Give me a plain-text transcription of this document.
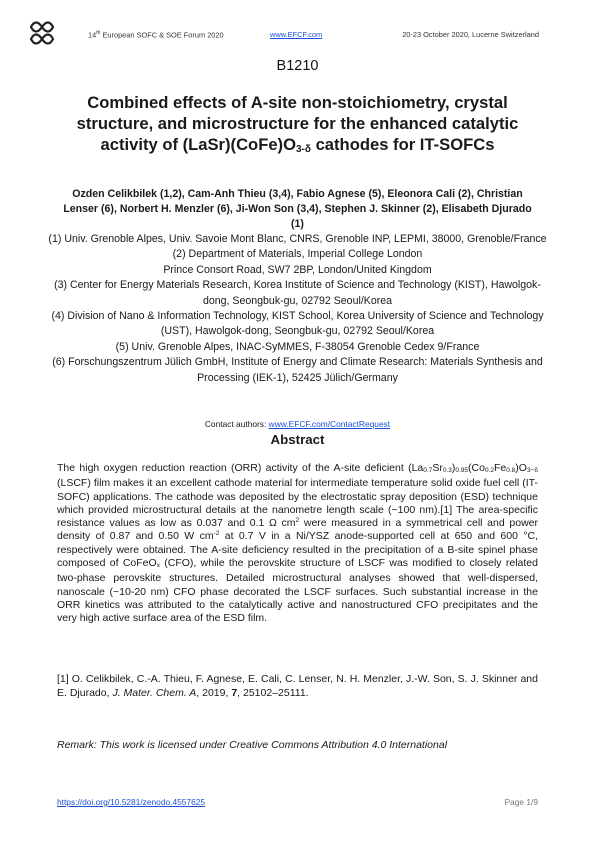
14th European SOFC & SOE Forum 2020	www.EFCF.com	20-23 October 2020, Lucerne Switzerland
B1210
Combined effects of A-site non-stoichiometry, crystal
structure, and microstructure for the enhanced catalytic
activity of $(LaSr)(CoFe)O_{3-\delta}$ cathodes for IT-SOFCs
Ozden Celikbilek (1,2), Cam-Anh Thieu (3,4), Fabio Agnese (5), Eleonora Cali (2), Christian Lenser (6), Norbert H. Menzler (6), Ji-Won Son (3,4), Stephen J. Skinner (2), Elisabeth Djurado (1)
(1) Univ. Grenoble Alpes, Univ. Savoie Mont Blanc, CNRS, Grenoble INP, LEPMI, 38000, Grenoble/France
(2) Department of Materials, Imperial College London
Prince Consort Road, SW7 2BP, London/United Kingdom
(3) Center for Energy Materials Research, Korea Institute of Science and Technology (KIST), Hawolgok-dong, Seongbuk-gu, 02792 Seoul/Korea
(4) Division of Nano & Information Technology, KIST School, Korea University of Science and Technology (UST), Hawolgok-dong, Seongbuk-gu, 02792 Seoul/Korea
(5) Univ. Grenoble Alpes, INAC-SyMMES, F-38054 Grenoble Cedex 9/France
(6) Forschungszentrum Jülich GmbH, Institute of Energy and Climate Research: Materials Synthesis and Processing (IEK-1), 52425 Jülich/Germany
Contact authors: www.EFCF.com/ContactRequest
Abstract
The high oxygen reduction reaction (ORR) activity of the A-site deficient $(La_{0.7}Sr_{0.3})_{0.95}(Co_{0.2}Fe_{0.8})O_{3-\delta}$ (LSCF) film makes it an excellent cathode material for intermediate temperature solid oxide fuel cell (IT-SOFC) applications. The cathode was deposited by the electrostatic spray deposition (ESD) technique which provided microstructural details at the nanometre length scale (~100 nm).[1] The area-specific resistance values as low as 0.037 and 0.1 Ω $cm^2$ were measured in a symmetrical cell and power density of 0.87 and 0.50 W $cm^{-2}$ at 0.7 V in a Ni/YSZ anode-supported cell at 650 and 600 °C, respectively were obtained. The A-site deficiency resulted in the precipitation of a B-site spinel phase composed of CoFeO$_x$ (CFO), while the perovskite structure of LSCF was modified to closely related two-phase perovskite structures. Detailed microstructural analyses showed that well-dispersed, nanoscale (~10-20 nm) CFO phase decorated the LSCF surfaces. Such substantial increase in the ORR kinetics was attributed to the catalytically active and nanostructured CFO precipitates and the very high active surface area of the ESD film.
[1] O. Celikbilek, C.-A. Thieu, F. Agnese, E. Cali, C. Lenser, N. H. Menzler, J.-W. Son, S. J. Skinner and E. Djurado, J. Mater. Chem. A, 2019, 7, 25102–25111.
Remark: This work is licensed under Creative Commons Attribution 4.0 International
https://doi.org/10.5281/zenodo.4557625	Page 1/9
